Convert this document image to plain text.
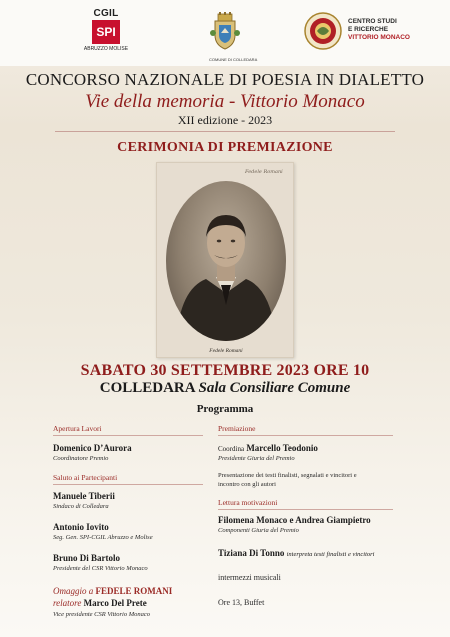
CGIL
SPI
ABRUZZO MOLISE
COMUNE DI COLLEDARA
CENTRO STUDI
E RICERCHE
VITTORIO MONACO
CONCORSO NAZIONALE DI POESIA IN DIALETTO
Vie della memoria - Vittorio Monaco
XII edizione - 2023
CERIMONIA DI PREMIAZIONE
Fedele Romani
Fedele Romani
SABATO 30 SETTEMBRE 2023 ORE 10
COLLEDARA Sala Consiliare Comune
Programma
Apertura Lavori
Domenico D’Aurora
Coordinatore Premio
Saluto ai Partecipanti
Manuele Tiberii
Sindaco di Colledara
Antonio Iovito
Seg. Gen. SPI-CGIL Abruzzo e Molise
Bruno Di Bartolo
Presidente del CSR Vittorio Monaco
Omaggio a FEDELE ROMANI
relatore Marco Del Prete
Vice presidente CSR Vittorio Monaco
Premiazione
Coordina Marcello Teodonio
Presidente Giuria del Premio
Presentazione dei testi finalisti, segnalati e vincitori e
incontro con gli autori
Lettura motivazioni
Filomena Monaco e Andrea Giampietro
Componenti Giuria del Premio
Tiziana Di Tonno interpreta testi finalisti e vincitori
intermezzi musicali
Ore 13, Buffet
